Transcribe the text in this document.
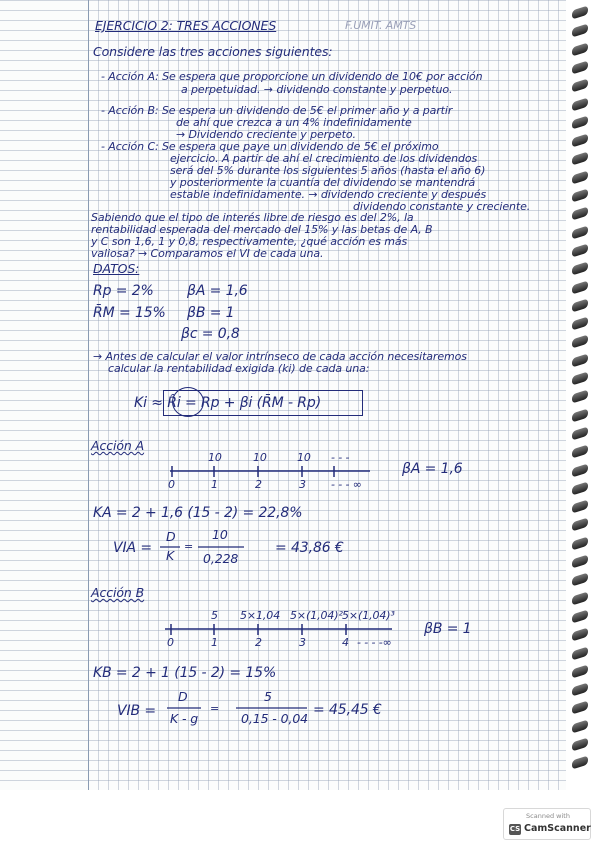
EJERCICIO 2: TRES ACCIONES	F.UMIT. AMTS
Considere las tres acciones siguientes:
- Acción A: Se espera que proporcione un dividendo de 10€ por acción
a perpetuidad. → dividendo constante y perpetuo.
- Acción B: Se espera un dividendo de 5€ el primer año y a partir
de ahí que crezca a un 4% indefinidamente
→ Dividendo creciente y perpeto.
- Acción C: Se espera que paye un dividendo de 5€ el próximo
ejercicio. A partir de ahí el crecimiento de los dividendos
será del 5% durante los siguientes 5 años (hasta el año 6)
y posteriormente la cuantía del dividendo se mantendrá
estable indefinidamente. → dividendo creciente y después
dividendo constante y creciente.
Sabiendo que el tipo de interés libre de riesgo es del 2%, la
rentabilidad esperada del mercado del 15% y las betas de A, B
y C son 1,6, 1 y 0,8, respectivamente, ¿qué acción es más
valiosa? → Comparamos el VI de cada una.
DATOS:
Rp = 2%
R̄M = 15%
βA = 1,6
βB = 1
βc = 0,8
→ Antes de calcular el valor intrínseco de cada acción necesitaremos
calcular la rentabilidad exigida (ki) de cada una:
Ki ≈ R̂i = Rp + βi (R̄M - Rp)
Acción A
10	10	10 - - -
0	1	2	3 - - - ∞
βA = 1,6
KA = 2 + 1,6 (15 - 2) = 22,8%
VIA =
D
K
=
10
0,228
= 43,86 €
Acción B
5 5×1,04 5×(1,04)² 5×(1,04)³
0	1	2	3	4 - - - -∞
βB = 1
KB = 2 + 1 (15 - 2) = 15%
VIB =
D
K - g
=
5
0,15 - 0,04
= 45,45 €
Scanned with
CS CamScanner
